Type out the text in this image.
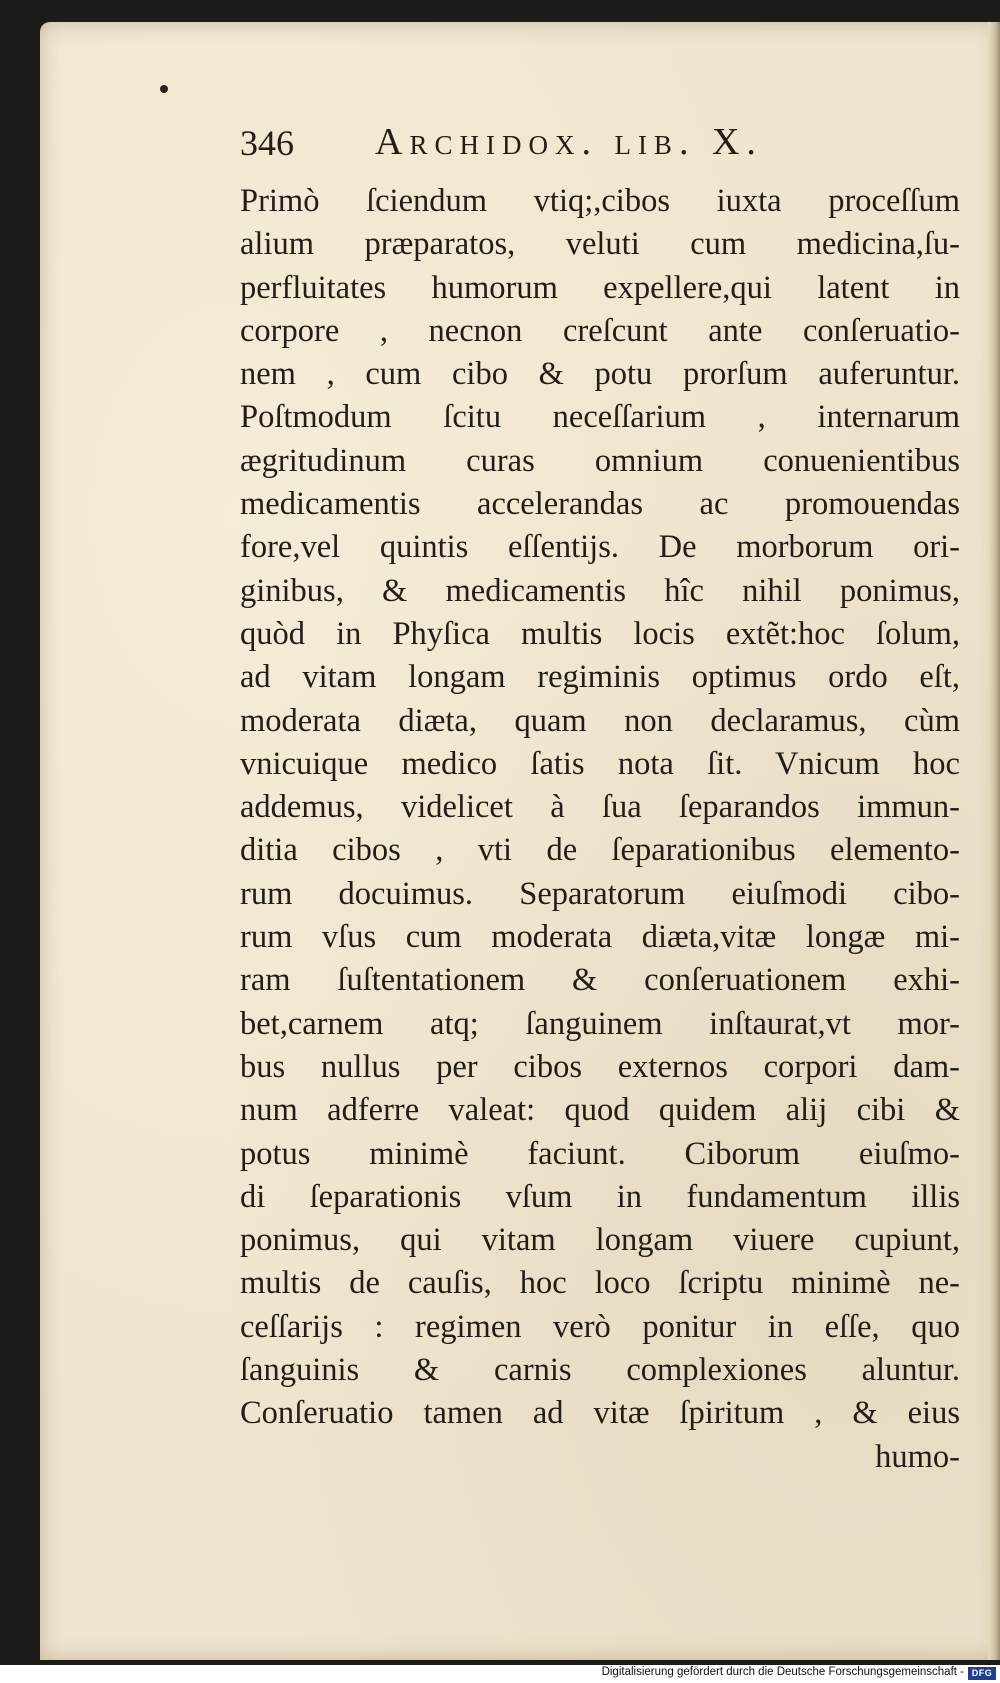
346 Archidox. lib. X.
Primò ſciendum vtiq;,cibos iuxta proceſſum
alium præparatos, veluti cum medicina,ſu-
perfluitates humorum expellere,qui latent in
corpore , necnon creſcunt ante conſeruatio-
nem , cum cibo & potu prorſum auferuntur.
Poſtmodum ſcitu neceſſarium , internarum
ægritudinum curas omnium conuenientibus
medicamentis accelerandas ac promouendas
fore,vel quintis eſſentijs. De morborum ori-
ginibus, & medicamentis hîc nihil ponimus,
quòd in Phyſica multis locis extẽt:hoc ſolum,
ad vitam longam regiminis optimus ordo eſt,
moderata diæta, quam non declaramus, cùm
vnicuique medico ſatis nota ſit. Vnicum hoc
addemus, videlicet à ſua ſeparandos immun-
ditia cibos , vti de ſeparationibus elemento-
rum docuimus. Separatorum eiuſmodi cibo-
rum vſus cum moderata diæta,vitæ longæ mi-
ram ſuſtentationem & conſeruationem exhi-
bet,carnem atq; ſanguinem inſtaurat,vt mor-
bus nullus per cibos externos corpori dam-
num adferre valeat: quod quidem alij cibi &
potus minimè faciunt. Ciborum eiuſmo-
di ſeparationis vſum in fundamentum illis
ponimus, qui vitam longam viuere cupiunt,
multis de cauſis, hoc loco ſcriptu minimè ne-
ceſſarijs : regimen verò ponitur in eſſe, quo
ſanguinis & carnis complexiones aluntur.
Conſeruatio tamen ad vitæ ſpiritum , & eius
humo-
Digitalisierung gefördert durch die Deutsche Forschungsgemeinschaft - DFG
